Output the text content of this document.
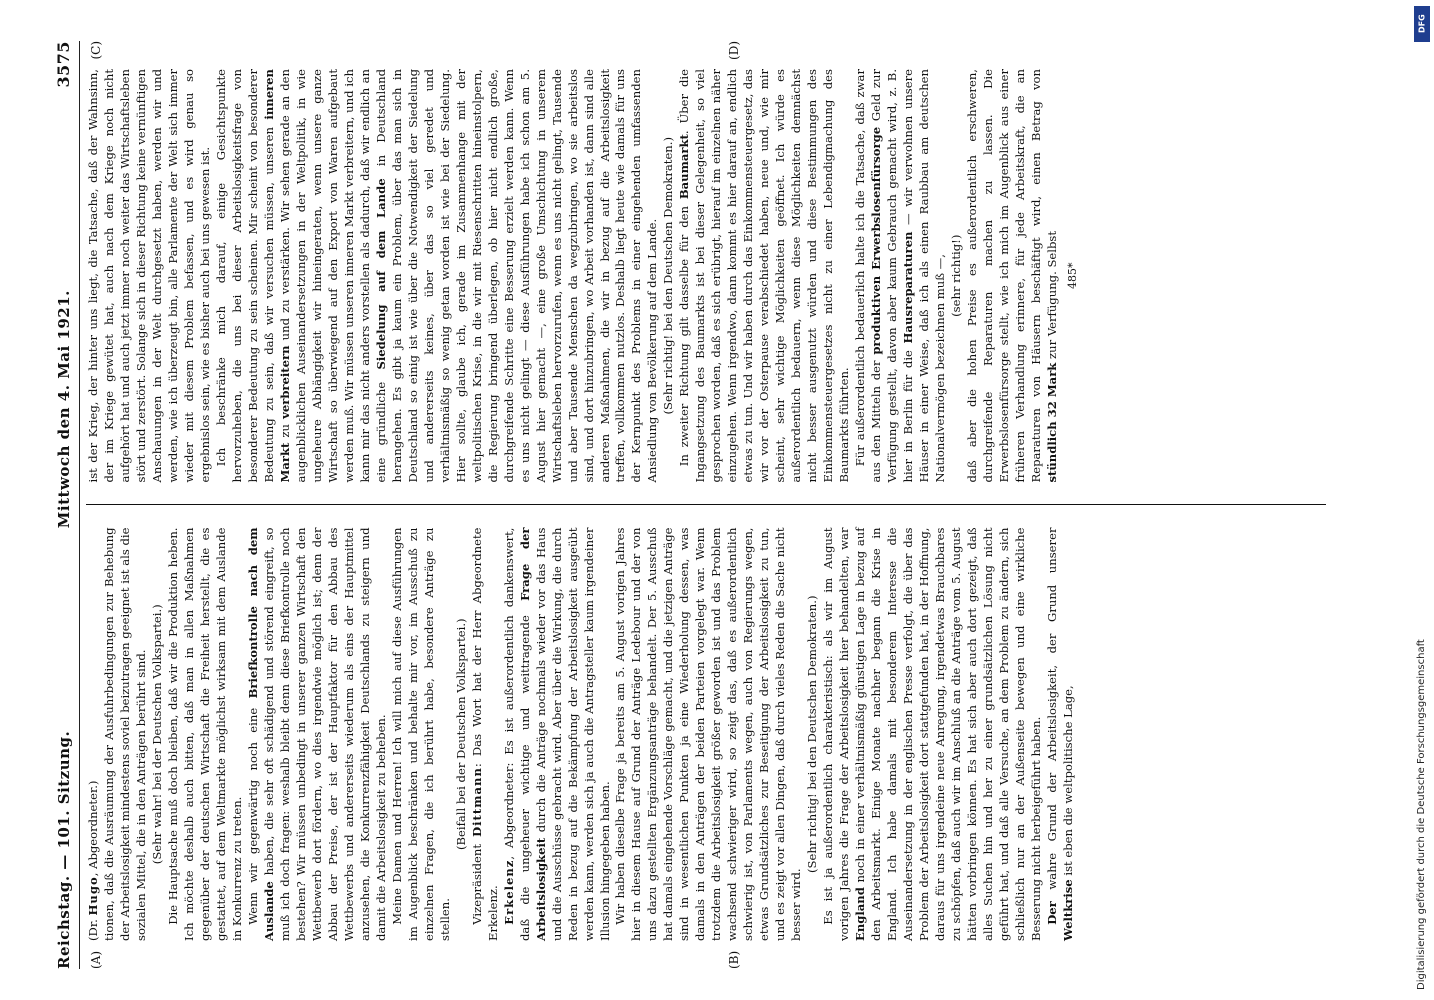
Reichstag. — 101. Sitzung.
Mittwoch den 4. Mai 1921.
3575
(A)	(B)

(Dr. Hugo, Abgeordneter.) tionen, daß die Ausräumung der Ausfuhrbedingungen zur Behebung der Arbeitslosigkeit mindestens soviel beizutragen geeignet ist als die sozialen Mittel, die in den Anträgen berührt sind. (Sehr wahr! bei der Deutschen Volkspartei.) Die Hauptsache muß doch bleiben, daß wir die Produktion heben. Ich möchte deshalb auch bitten, daß man in allen Maßnahmen gegenüber der deutschen Wirtschaft die Freiheit herstellt, die es gestattet, auf dem Weltmarkte möglichst wirksam mit dem Auslande in Konkurrenz zu treten. Wenn wir gegenwärtig noch eine Briefkontrolle nach dem Auslande haben, die sehr oft schädigend und störend eingreift, so muß ich doch fragen: weshalb bleibt denn diese Briefkontrolle noch bestehen? Wir müssen unbedingt in unserer ganzen Wirtschaft den Wettbewerb dort fördern, wo dies irgendwie möglich ist; denn der Abbau der Preise, der ist der Hauptfaktor für den Abbau des Wettbewerbs und andererseits wiederum als eins der Hauptmittel anzusehen, die Konkurrenzfähigkeit Deutschlands zu steigern und damit die Arbeitslosigkeit zu beheben. Meine Damen und Herren! Ich will mich auf diese Ausführungen im Augenblick beschränken und behalte mir vor, im Ausschuß zu einzelnen Fragen, die ich berührt habe, besondere Anträge zu stellen.

(Beifall bei der Deutschen Volkspartei.)

Vizepräsident Dittmann: Das Wort hat der Herr Abgeordnete Erkelenz. Erkelenz, Abgeordneter: Es ist außerordentlich dankenswert, daß die ungeheuer wichtige und weittragende Frage der Arbeitslosigkeit durch die Anträge nochmals wieder vor das Haus und die Ausschüsse gebracht wird. Aber über die Wirkung, die durch Reden in bezug auf die Bekämpfung der Arbeitslosigkeit ausgeübt werden kann, werden sich ja auch die Antragsteller kaum irgendeiner Illusion hingegeben haben. Wir haben dieselbe Frage ja bereits am 5. August vorigen Jahres hier in diesem Hause auf Grund der Anträge Ledebour und der von uns dazu gestellten Ergänzungsanträge behandelt. Der 5. Ausschuß hat damals eingehende Vorschläge gemacht, und die jetzigen Anträge sind in wesentlichen Punkten ja eine Wiederholung dessen, was damals in den Anträgen der beiden Parteien vorgelegt war. Wenn trotzdem die Arbeitslosigkeit größer geworden ist und das Problem wachsend schwieriger wird, so zeigt das, daß es außerordentlich schwierig ist, von Parlaments wegen, auch von Regierungs wegen, etwas Grundsätzliches zur Beseitigung der Arbeitslosigkeit zu tun, und es zeigt vor allen Dingen, daß durch vieles Reden die Sache nicht besser wird.

(Sehr richtig! bei den Deutschen Demokraten.) Es ist ja außerordentlich charakteristisch: als wir im August vorigen Jahres die Frage der Arbeitslosigkeit hier behandelten, war England noch in einer verhältnismäßig günstigen Lage in bezug auf den Arbeitsmarkt. Einige Monate nachher begann die Krise in England. Ich habe damals mit besonderem Interesse die Auseinandersetzung in der englischen Presse verfolgt, die über das Problem der Arbeitslosigkeit dort stattgefunden hat, in der Hoffnung, daraus für uns irgendeine neue Anregung, irgendetwas Brauchbares zu schöpfen, daß auch wir im Anschluß an die Anträge vom 5. August hätten vorbringen können. Es hat sich aber auch dort gezeigt, daß alles Suchen hin und her zu einer grundsätzlichen Lösung nicht geführt hat, und daß alle Versuche, an dem Problem zu ändern, sich schließlich nur an der Außenseite bewegen und eine wirkliche Besserung nicht herbeigeführt haben. Der wahre Grund der Arbeitslosigkeit, der Grund unserer Weltkrise ist eben die weltpolitische Lage,

(C)	(D)

ist der Krieg, der hinter uns liegt, die Tatsache, daß der Wahnsinn, der im Kriege gewütet hat, auch nach dem Kriege noch nicht aufgehört hat und auch jetzt immer noch weiter das Wirtschaftsleben stört und zerstört. Solange sich in dieser Richtung keine vernünftigen Anschauungen in der Welt durchgesetzt haben, werden wir und werden, wie ich überzeugt bin, alle Parlamente der Welt sich immer wieder mit diesem Problem befassen, und es wird genau so ergebnislos sein, wie es bisher auch bei uns gewesen ist. Ich beschränke mich darauf, einige Gesichtspunkte hervorzuheben, die uns bei dieser Arbeitslosigkeitsfrage von besonderer Bedeutung zu sein scheinen. Mir scheint von besonderer Bedeutung zu sein, daß wir versuchen müssen, unseren inneren Markt zu verbreitern und zu verstärken. Wir sehen gerade an den augenblicklichen Auseinandersetzungen in der Weltpolitik, in wie ungeheure Abhängigkeit wir hineingeraten, wenn unsere ganze Wirtschaft so überwiegend auf den Export von Waren aufgebaut werden muß. Wir müssen unseren inneren Markt verbreitern, und ich kann mir das nicht anders vorstellen als dadurch, daß wir endlich an eine gründliche Siedelung auf dem Lande in Deutschland herangehen. Es gibt ja kaum ein Problem, über das man sich in Deutschland so einig ist wie über die Notwendigkeit der Siedelung und andererseits keines, über das so viel geredet und verhältnismäßig so wenig getan worden ist wie bei der Siedelung. Hier sollte, glaube ich, gerade im Zusammenhange mit der weltpolitischen Krise, in die wir mit Riesenschritten hineinstolpern, die Regierung bringend überlegen, ob hier nicht endlich große, durchgreifende Schritte eine Besserung erzielt werden kann. Wenn es uns nicht gelingt — diese Ausführungen habe ich schon am 5. August hier gemacht —, eine große Umschichtung in unserem Wirtschaftsleben hervorzurufen, wenn es uns nicht gelingt, Tausende und aber Tausende Menschen da wegzubringen, wo sie arbeitslos sind, und dort hinzubringen, wo Arbeit vorhanden ist, dann sind alle anderen Maßnahmen, die wir in bezug auf die Arbeitslosigkeit treffen, vollkommen nutzlos. Deshalb liegt heute wie damals für uns der Kernpunkt des Problems in einer eingehenden umfassenden Ansiedlung von Bevölkerung auf dem Lande. (Sehr richtig! bei den Deutschen Demokraten.) In zweiter Richtung gilt dasselbe für den Baumarkt. Über die Ingangsetzung des Baumarkts ist bei dieser Gelegenheit, so viel gesprochen worden, daß es sich erübrigt, hierauf im einzelnen näher einzugehen. Wenn irgendwo, dann kommt es hier darauf an, endlich etwas zu tun. Und wir haben durch das Einkommensteuergesetz, das wir vor der Osterpause verabschiedet haben, neue und, wie mir scheint, sehr wichtige Möglichkeiten geöffnet. Ich würde es außerordentlich bedauern, wenn diese Möglichkeiten demnächst nicht besser ausgenutzt würden und diese Bestimmungen des Einkommensteuergesetzes nicht zu einer Lebendigmachung des Baumarkts führten. Für außerordentlich bedauerlich halte ich die Tatsache, daß zwar aus den Mitteln der produktiven Erwerbslosenfürsorge Geld zur Verfügung gestellt, davon aber kaum Gebrauch gemacht wird, z. B. hier in Berlin für die Hausreparaturen — wir verwohnen unsere Häuser in einer Weise, daß ich als einen Raubbau am deutschen Nationalvermögen bezeichnen muß —, (sehr richtig!) daß aber die hohen Preise es außerordentlich erschweren, durchgreifende Reparaturen machen zu lassen. Die Erwerbslosenfürsorge stellt, wie ich mich im Augenblick aus einer früheren Verhandlung erinnere, für jede Arbeitskraft, die an Reparaturen von Häusern beschäftigt wird, einen Betrag von stündlich 32 Mark zur Verfügung. Selbst 485*
Digitalisierung gefördert durch die Deutsche Forschungsgemeinschaft
DFG
